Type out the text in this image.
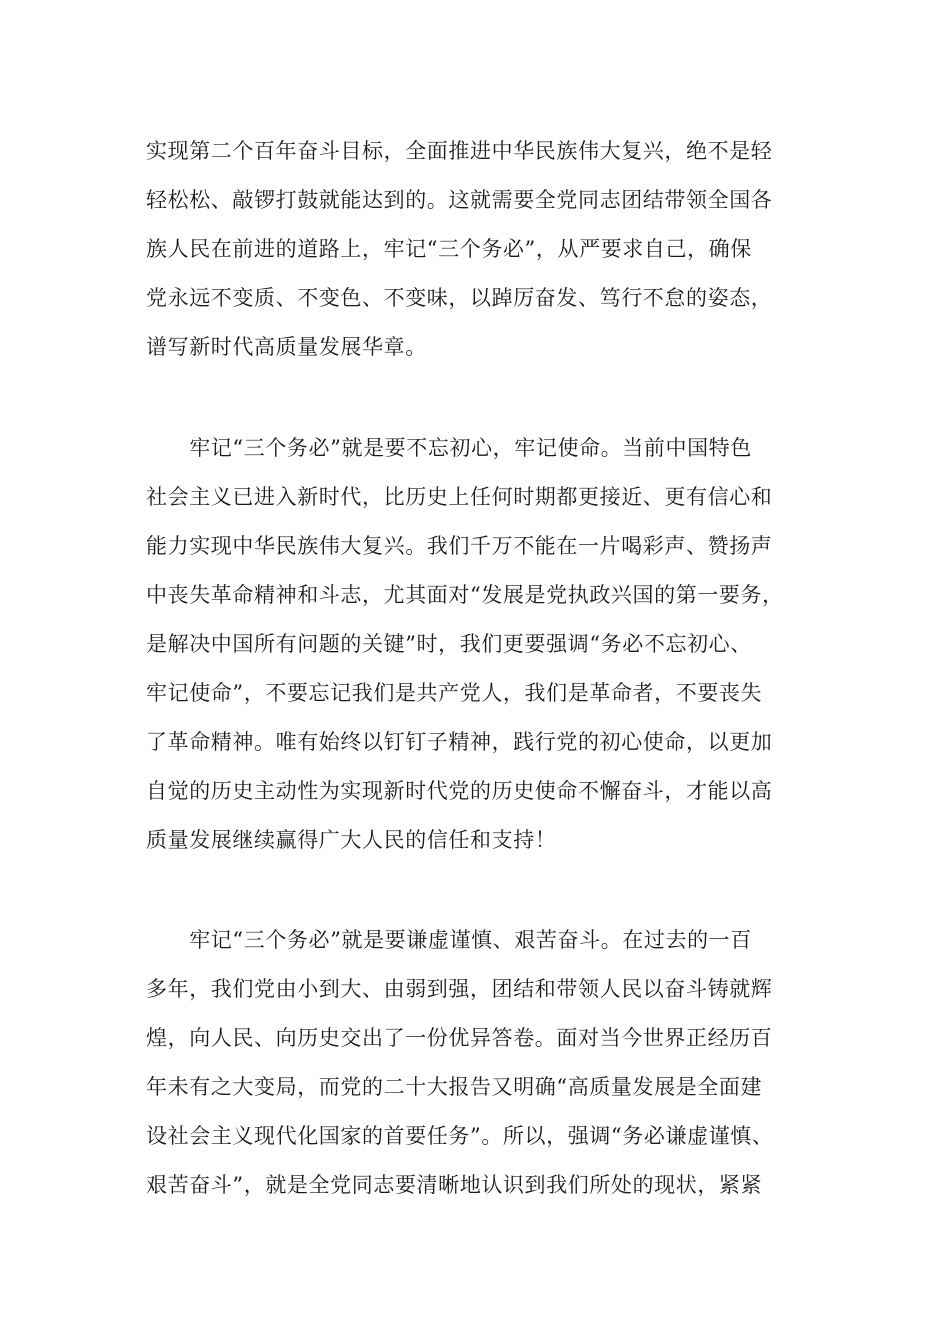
实现第二个百年奋斗目标，全面推进中华民族伟大复兴，绝不是轻
轻松松、敲锣打鼓就能达到的。这就需要全党同志团结带领全国各
族人民在前进的道路上，牢记“三个务必”，从严要求自己，确保
党永远不变质、不变色、不变味，以踔厉奋发、笃行不怠的姿态，
谱写新时代高质量发展华章。
　　牢记“三个务必”就是要不忘初心，牢记使命。当前中国特色
社会主义已进入新时代，比历史上任何时期都更接近、更有信心和
能力实现中华民族伟大复兴。我们千万不能在一片喝彩声、赞扬声
中丧失革命精神和斗志，尤其面对“发展是党执政兴国的第一要务，
是解决中国所有问题的关键”时，我们更要强调“务必不忘初心、
牢记使命”，不要忘记我们是共产党人，我们是革命者，不要丧失
了革命精神。唯有始终以钉钉子精神，践行党的初心使命，以更加
自觉的历史主动性为实现新时代党的历史使命不懈奋斗，才能以高
质量发展继续赢得广大人民的信任和支持！
　　牢记“三个务必”就是要谦虚谨慎、艰苦奋斗。在过去的一百
多年，我们党由小到大、由弱到强，团结和带领人民以奋斗铸就辉
煌，向人民、向历史交出了一份优异答卷。面对当今世界正经历百
年未有之大变局，而党的二十大报告又明确“高质量发展是全面建
设社会主义现代化国家的首要任务”。所以，强调“务必谦虚谨慎、
艰苦奋斗”，就是全党同志要清晰地认识到我们所处的现状，紧紧
